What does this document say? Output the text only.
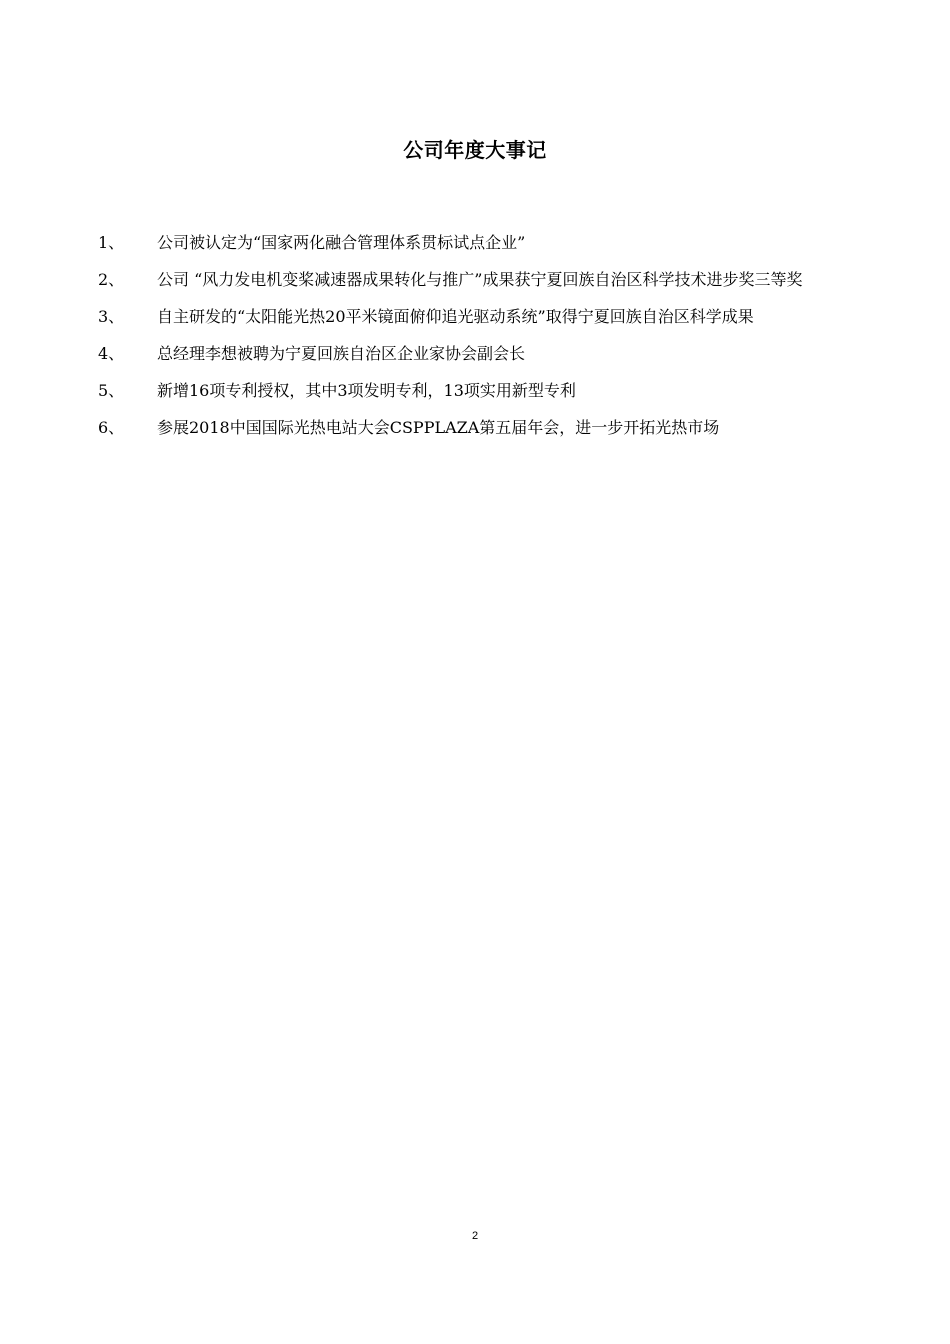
公司年度大事记
1、	公司被认定为“国家两化融合管理体系贯标试点企业”
2、	公司 “风力发电机变桨减速器成果转化与推广”成果获宁夏回族自治区科学技术进步奖三等奖
3、	自主研发的“太阳能光热20平米镜面俯仰追光驱动系统”取得宁夏回族自治区科学成果
4、	总经理李想被聘为宁夏回族自治区企业家协会副会长
5、	新增16项专利授权，其中3项发明专利，13项实用新型专利
6、	参展2018中国国际光热电站大会CSPPLAZA第五届年会，进一步开拓光热市场
2
